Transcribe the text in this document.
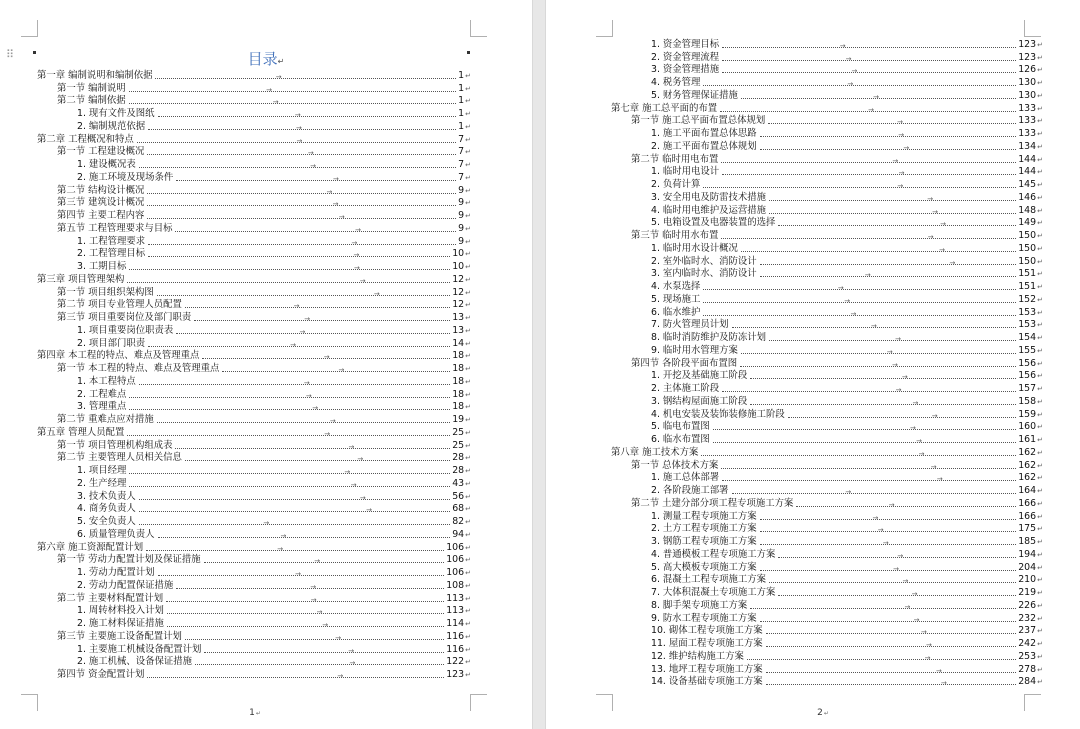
⠿	目录↵
第一章 编制说明和编制依据	→	1↵
第一节 编制说明	→	1↵
第二节 编制依据	→	1↵
1. 现有文件及图纸	→	1↵
2. 编制规范依据	→	1↵
第二章 工程概况和特点	→	7↵
第一节 工程建设概况	→	7↵
1. 建设概况表	→	7↵
2. 施工环境及现场条件	→	7↵
第二节 结构设计概况	→	9↵
第三节 建筑设计概况	→	9↵
第四节 主要工程内容	→	9↵
第五节 工程管理要求与目标	→	9↵
1. 工程管理要求	→	9↵
2. 工程管理目标	→	10↵
3. 工期目标	→	10↵
第三章 项目管理架构	→	12↵
第一节 项目组织架构图	→	12↵
第二节 项目专业管理人员配置	→	12↵
第三节 项目重要岗位及部门职责	→	13↵
1. 项目重要岗位职责表	→	13↵
2. 项目部门职责	→	14↵
第四章 本工程的特点、难点及管理重点	→	18↵
第一节 本工程的特点、难点及管理重点	→	18↵
1. 本工程特点	→	18↵
2. 工程难点	→	18↵
3. 管理重点	→	18↵
第二节 重难点应对措施	→	19↵
第五章 管理人员配置	→	25↵
第一节 项目管理机构组成表	→	25↵
第二节 主要管理人员相关信息	→	28↵
1. 项目经理	→	28↵
2. 生产经理	→	43↵
3. 技术负责人	→	56↵
4. 商务负责人	→	68↵
5. 安全负责人	→	82↵
6. 质量管理负责人	→	94↵
第六章 施工资源配置计划	→	106↵
第一节 劳动力配置计划及保证措施	→	106↵
1. 劳动力配置计划	→	106↵
2. 劳动力配置保证措施	→	108↵
第二节 主要材料配置计划	→	113↵
1. 周转材料投入计划	→	113↵
2. 施工材料保证措施	→	114↵
第三节 主要施工设备配置计划	→	116↵
1. 主要施工机械设备配置计划	→	116↵
2. 施工机械、设备保证措施	→	122↵
第四节 资金配置计划	→	123↵
1↵
1. 资金管理目标	→	123↵
2. 资金管理流程	→	123↵
3. 资金管理措施	→	126↵
4. 税务管理	→	130↵
5. 财务管理保证措施	→	130↵
第七章 施工总平面的布置	→	133↵
第一节 施工总平面布置总体规划	→	133↵
1. 施工平面布置总体思路	→	133↵
2. 施工平面布置总体规划	→	134↵
第二节 临时用电布置	→	144↵
1. 临时用电设计	→	144↵
2. 负荷计算	→	145↵
3. 安全用电及防雷技术措施	→	146↵
4. 临时用电维护及运营措施	→	148↵
5. 电箱设置及电器装置的选择	→	149↵
第三节 临时用水布置	→	150↵
1. 临时用水设计概况	→	150↵
2. 室外临时水、消防设计	→	150↵
3. 室内临时水、消防设计	→	151↵
4. 水泵选择	→	151↵
5. 现场施工	→	152↵
6. 临水维护	→	153↵
7. 防火管理员计划	→	153↵
8. 临时消防维护及防冻计划	→	154↵
9. 临时用水管理方案	→	155↵
第四节 各阶段平面布置图	→	156↵
1. 开挖及基础施工阶段	→	156↵
2. 主体施工阶段	→	157↵
3. 钢结构屋面施工阶段	→	158↵
4. 机电安装及装饰装修施工阶段	→	159↵
5. 临电布置图	→	160↵
6. 临水布置图	→	161↵
第八章 施工技术方案	→	162↵
第一节 总体技术方案	→	162↵
1. 施工总体部署	→	162↵
2. 各阶段施工部署	→	164↵
第二节 土建分部分项工程专项施工方案	→	166↵
1. 测量工程专项施工方案	→	166↵
2. 土方工程专项施工方案	→	175↵
3. 钢筋工程专项施工方案	→	185↵
4. 普通模板工程专项施工方案	→	194↵
5. 高大模板专项施工方案	→	204↵
6. 混凝土工程专项施工方案	→	210↵
7. 大体积混凝土专项施工方案	→	219↵
8. 脚手架专项施工方案	→	226↵
9. 防水工程专项施工方案	→	232↵
10. 砌体工程专项施工方案	→	237↵
11. 屋面工程专项施工方案	→	242↵
12. 维护结构施工方案	→	253↵
13. 地坪工程专项施工方案	→	278↵
14. 设备基础专项施工方案	→	284↵
2↵
